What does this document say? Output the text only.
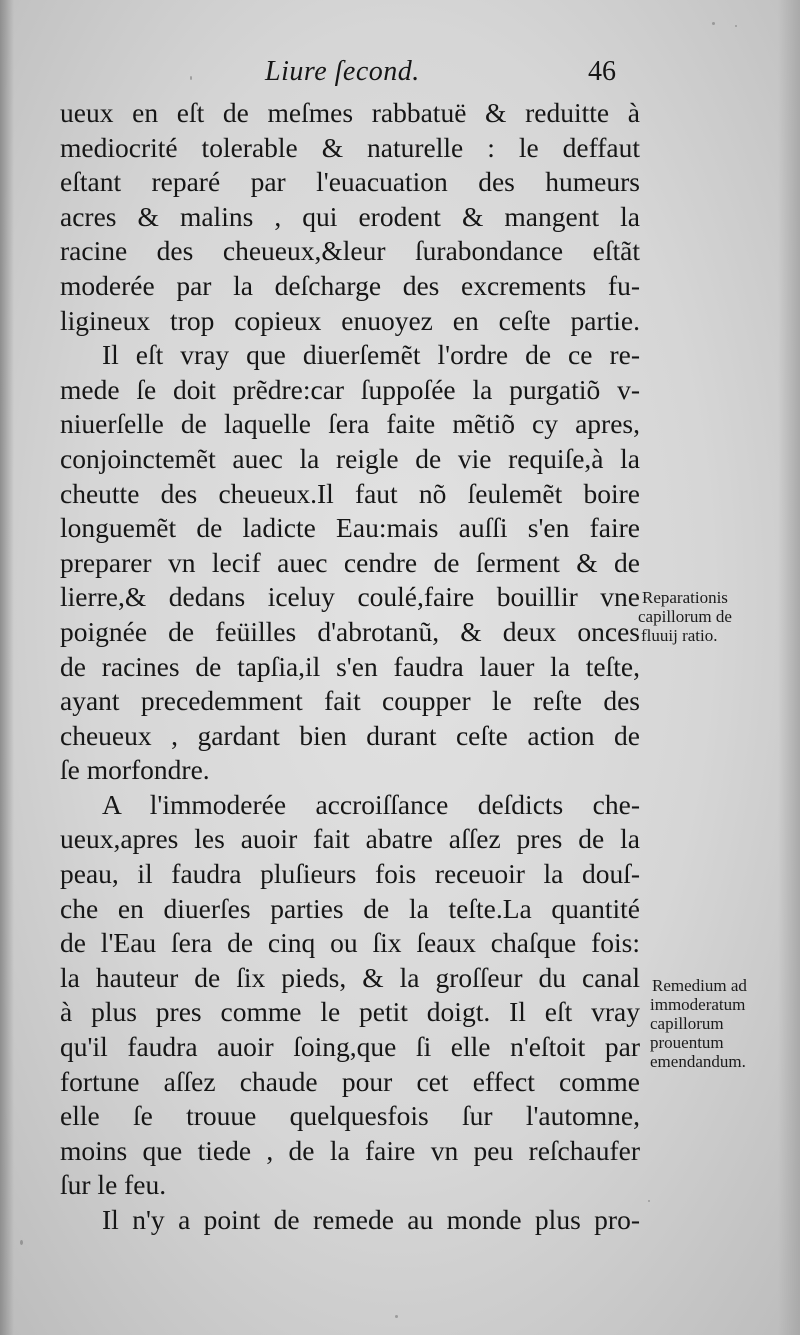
Liure ſecond.	46
ueux en eſt de meſmes rabbatuë & reduitte à
mediocrité tolerable & naturelle : le deffaut
eſtant reparé par l'euacuation des humeurs
acres & malins , qui erodent & mangent la
racine des cheueux,&leur ſurabondance eſtãt
moderée par la deſcharge des excrements fu-
ligineux trop copieux enuoyez en ceſte partie.
Il eſt vray que diuerſemẽt l'ordre de ce re-
mede ſe doit prẽdre:car ſuppoſée la purgatiõ v-
niuerſelle de laquelle ſera faite mẽtiõ cy apres,
conjoinctemẽt auec la reigle de vie requiſe,à la
cheutte des cheueux.Il faut nõ ſeulemẽt boire
longuemẽt de ladicte Eau:mais auſſi s'en faire
preparer vn lecif auec cendre de ſerment & de
lierre,& dedans iceluy coulé,faire bouillir vne
poignée de feüilles d'abrotanũ, & deux onces
de racines de tapſia,il s'en faudra lauer la teſte,
ayant precedemment fait coupper le reſte des
cheueux , gardant bien durant ceſte action de
ſe morfondre.
A l'immoderée accroiſſance deſdicts che-
ueux,apres les auoir fait abatre aſſez pres de la
peau, il faudra pluſieurs fois receuoir la douſ-
che en diuerſes parties de la teſte.La quantité
de l'Eau ſera de cinq ou ſix ſeaux chaſque fois:
la hauteur de ſix pieds, & la groſſeur du canal
à plus pres comme le petit doigt. Il eſt vray
qu'il faudra auoir ſoing,que ſi elle n'eſtoit par
fortune aſſez chaude pour cet effect comme
elle ſe trouue quelquesfois ſur l'automne,
moins que tiede , de la faire vn peu reſchaufer
ſur le feu.
Il n'y a point de remede au monde plus pro-
Reparationis
capillorum de
fluuij ratio.
Remedium ad
immoderatum
capillorum
prouentum
emendandum.
